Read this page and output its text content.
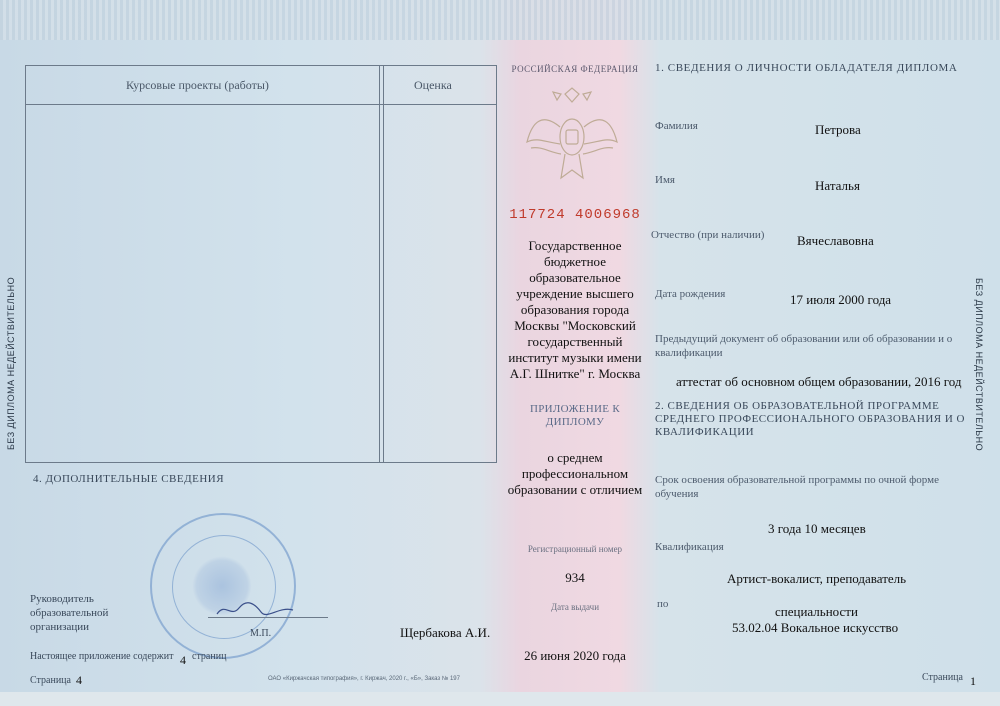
БЕЗ ДИПЛОМА НЕДЕЙСТВИТЕЛЬНО	БЕЗ ДИПЛОМА НЕДЕЙСТВИТЕЛЬНО
Курсовые проекты (работы)	Оценка
4. ДОПОЛНИТЕЛЬНЫЕ СВЕДЕНИЯ
Руководитель образовательной организации
М.П.	Щербакова А.И.
Настоящее приложение содержит 4 страниц
Страница 4	ОАО «Киржачская типография», г. Киржач, 2020 г., «Б», Заказ № 197
РОССИЙСКАЯ ФЕДЕРАЦИЯ
117724 4006968
Государственное бюджетное образовательное учреждение высшего образования города Москвы "Московский государственный институт музыки имени А.Г. Шнитке" г. Москва
ПРИЛОЖЕНИЕ К ДИПЛОМУ
о среднем профессиональном образовании с отличием
Регистрационный номер
934
Дата выдачи
26 июня 2020 года
1. СВЕДЕНИЯ О ЛИЧНОСТИ ОБЛАДАТЕЛЯ ДИПЛОМА
Фамилия	Петрова
Имя	Наталья
Отчество (при наличии)	Вячеславовна
Дата рождения	17 июля 2000 года
Предыдущий документ об образовании или об образовании и о квалификации
аттестат об основном общем образовании, 2016 год
2. СВЕДЕНИЯ ОБ ОБРАЗОВАТЕЛЬНОЙ ПРОГРАММЕ СРЕДНЕГО ПРОФЕССИОНАЛЬНОГО ОБРАЗОВАНИЯ И О КВАЛИФИКАЦИИ
Срок освоения образовательной программы по очной форме обучения
3 года 10 месяцев
Квалификация
Артист-вокалист, преподаватель
по	специальности
53.02.04 Вокальное искусство
Страница 1
